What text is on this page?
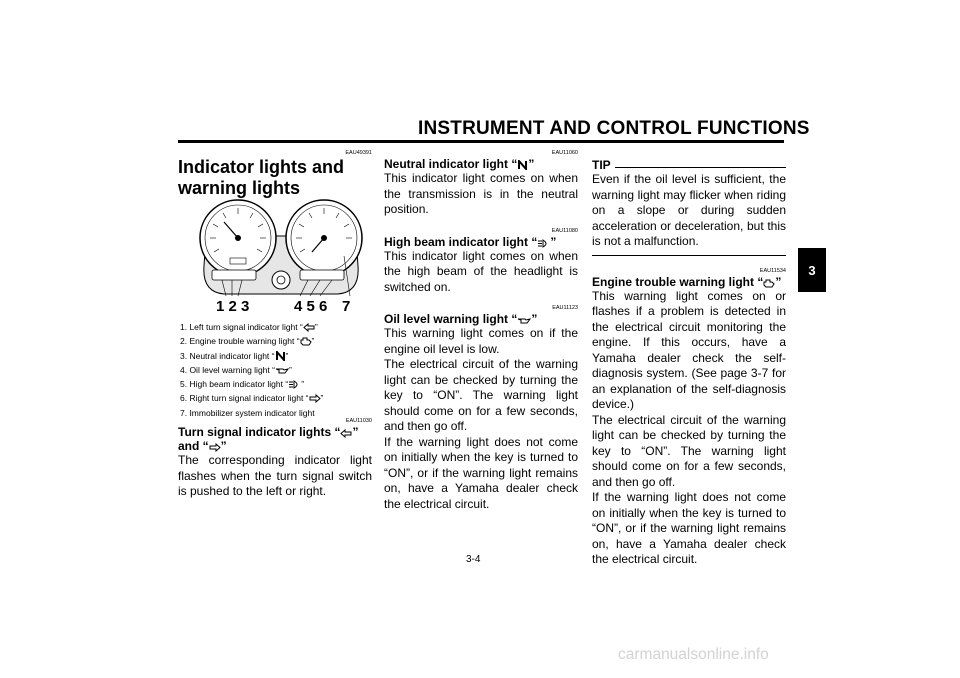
INSTRUMENT AND CONTROL FUNCTIONS
3
EAU49391
Indicator lights and warning lights
1 2 3	4 5 6 7
1. Left turn signal indicator light “ ”
2. Engine trouble warning light “ ”
3. Neutral indicator light “ ”
4. Oil level warning light “ ”
5. High beam indicator light “ ”
6. Right turn signal indicator light “ ”
7. Immobilizer system indicator light
EAU11030
Turn signal indicator lights “ ”
and “ ”
The corresponding indicator light flashes when the turn signal switch is pushed to the left or right.
EAU11060
Neutral indicator light “ ”
This indicator light comes on when the transmission is in the neutral position.
EAU11080
High beam indicator light “ ”
This indicator light comes on when the high beam of the headlight is switched on.
EAU11123
Oil level warning light “ ”

This warning light comes on if the engine oil level is low.

The electrical circuit of the warning light can be checked by turning the key to “ON”. The warning light should come on for a few seconds, and then go off.

If the warning light does not come on initially when the key is turned to “ON”, or if the warning light remains on, have a Yamaha dealer check the electrical circuit.

TIP
Even if the oil level is sufficient, the warning light may flicker when riding on a slope or during sudden acceleration or deceleration, but this is not a malfunction.
EAU11534
Engine trouble warning light “ ”

This warning light comes on or flashes if a problem is detected in the electrical circuit monitoring the engine. If this occurs, have a Yamaha dealer check the self-diagnosis system. (See page 3-7 for an explanation of the self-diagnosis device.)

The electrical circuit of the warning light can be checked by turning the key to “ON”. The warning light should come on for a few seconds, and then go off.

If the warning light does not come on initially when the key is turned to “ON”, or if the warning light remains on, have a Yamaha dealer check the electrical circuit.

3-4
carmanualsonline.info
